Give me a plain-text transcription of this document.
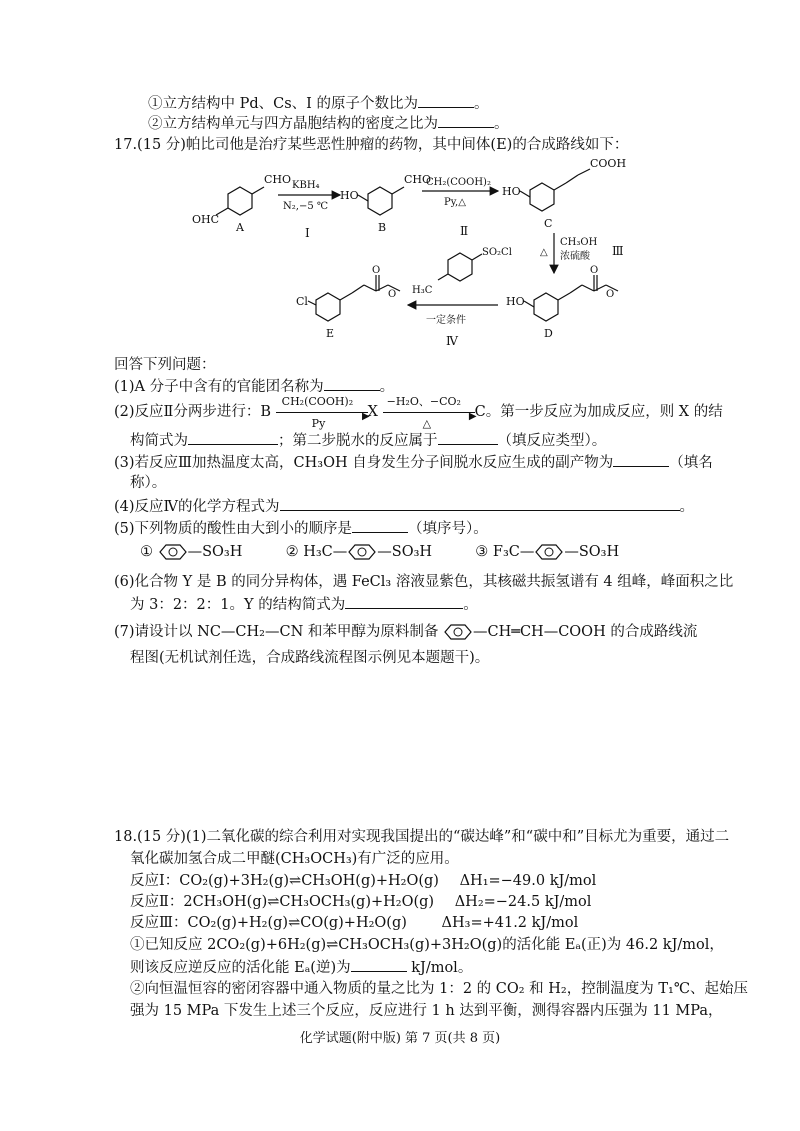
①立方结构中 Pd、Cs、I 的原子个数比为	。
②立方结构单元与四方晶胞结构的密度之比为	。
17.(15 分)帕比司他是治疗某些恶性肿瘤的药物，其中间体(E)的合成路线如下：
CHO
OHC
A
KBH₄
N₂,−5 ℃
Ⅰ
HO
CHO
B
CH₂(COOH)₂
Py,△
Ⅱ
HO
COOH
C
CH₃OH
浓硫酸
△	Ⅲ
HO
O
O
D
一定条件
Ⅳ
SO₂Cl
H₃C
Cl
O
O
E
回答下列问题：
(1)A 分子中含有的官能团名称为	。
(2)反应Ⅱ分两步进行：B
CH₂(COOH)₂
▶
Py
X
−H₂O、−CO₂
▶
△
C。第一步反应为加成反应，则 X 的结
构简式为	；第二步脱水的反应属于	（填反应类型）。
(3)若反应Ⅲ加热温度太高，CH₃OH 自身发生分子间脱水反应生成的副产物为	（填名
称）。
(4)反应Ⅳ的化学方程式为	。
(5)下列物质的酸性由大到小的顺序是	（填序号）。
① —SO₃H	② H₃C— —SO₃H	③ F₃C— —SO₃H
(6)化合物 Y 是 B 的同分异构体，遇 FeCl₃ 溶液显紫色，其核磁共振氢谱有 4 组峰，峰面积之比
为 3：2：2：1。Y 的结构简式为	。
(7)请设计以 NC—CH₂—CN 和苯甲醇为原料制备 —CH═CH—COOH 的合成路线流
程图(无机试剂任选，合成路线流程图示例见本题题干)。
18.(15 分)(1)二氧化碳的综合利用对实现我国提出的“碳达峰”和“碳中和”目标尤为重要，通过二
氧化碳加氢合成二甲醚(CH₃OCH₃)有广泛的应用。
反应Ⅰ：CO₂(g)+3H₂(g)⇌CH₃OH(g)+H₂O(g) ΔH₁=−49.0 kJ/mol
反应Ⅱ：2CH₃OH(g)⇌CH₃OCH₃(g)+H₂O(g) ΔH₂=−24.5 kJ/mol
反应Ⅲ：CO₂(g)+H₂(g)⇌CO(g)+H₂O(g) ΔH₃=+41.2 kJ/mol
①已知反应 2CO₂(g)+6H₂(g)⇌CH₃OCH₃(g)+3H₂O(g)的活化能 Eₐ(正)为 46.2 kJ/mol，
则该反应逆反应的活化能 Eₐ(逆)为	kJ/mol。
②向恒温恒容的密闭容器中通入物质的量之比为 1：2 的 CO₂ 和 H₂，控制温度为 T₁℃、起始压
强为 15 MPa 下发生上述三个反应，反应进行 1 h 达到平衡，测得容器内压强为 11 MPa，
化学试题(附中版) 第 7 页(共 8 页)
